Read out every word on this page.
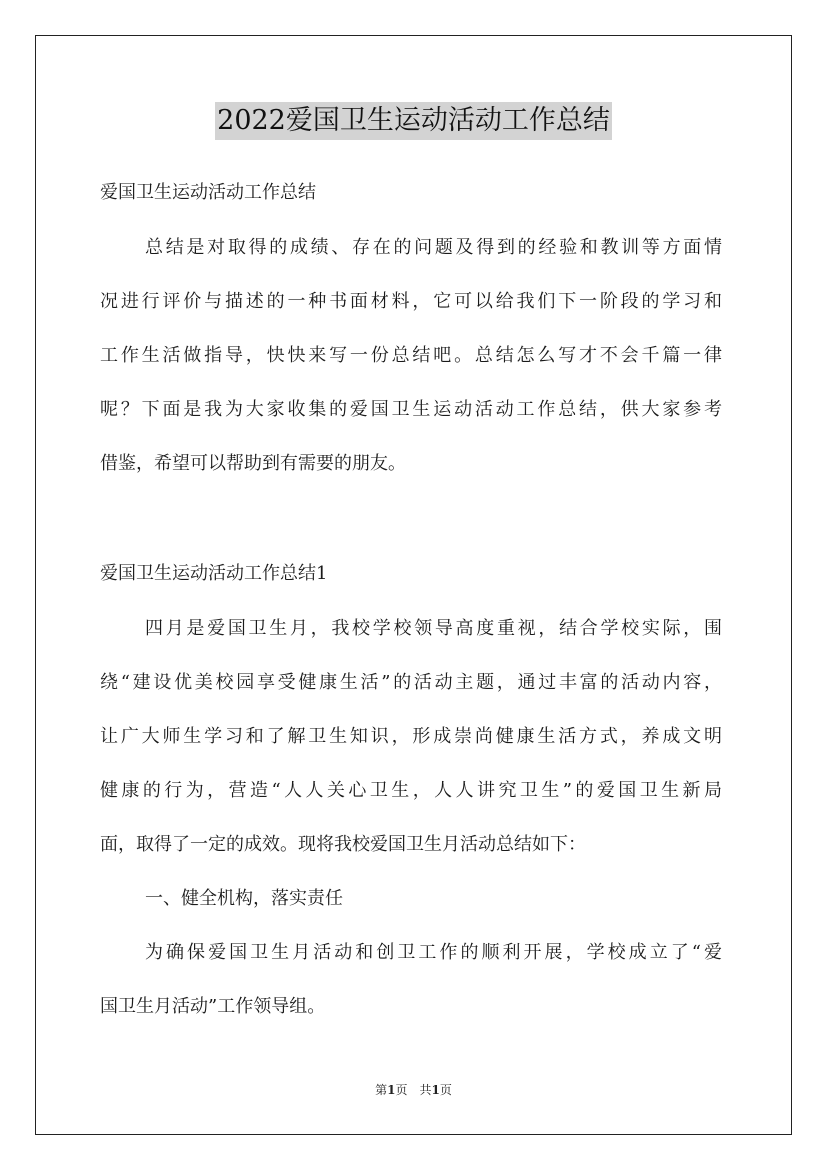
2022爱国卫生运动活动工作总结
爱国卫生运动活动工作总结
总结是对取得的成绩、存在的问题及得到的经验和教训等方面情
况进行评价与描述的一种书面材料，它可以给我们下一阶段的学习和
工作生活做指导，快快来写一份总结吧。总结怎么写才不会千篇一律
呢？下面是我为大家收集的爱国卫生运动活动工作总结，供大家参考
借鉴，希望可以帮助到有需要的朋友。
爱国卫生运动活动工作总结1
四月是爱国卫生月，我校学校领导高度重视，结合学校实际，围
绕“建设优美校园享受健康生活”的活动主题，通过丰富的活动内容，
让广大师生学习和了解卫生知识，形成崇尚健康生活方式，养成文明
健康的行为，营造“人人关心卫生，人人讲究卫生”的爱国卫生新局
面，取得了一定的成效。现将我校爱国卫生月活动总结如下：
一、健全机构，落实责任
为确保爱国卫生月活动和创卫工作的顺利开展，学校成立了“爱
国卫生月活动”工作领导组。
第1页　共1页
